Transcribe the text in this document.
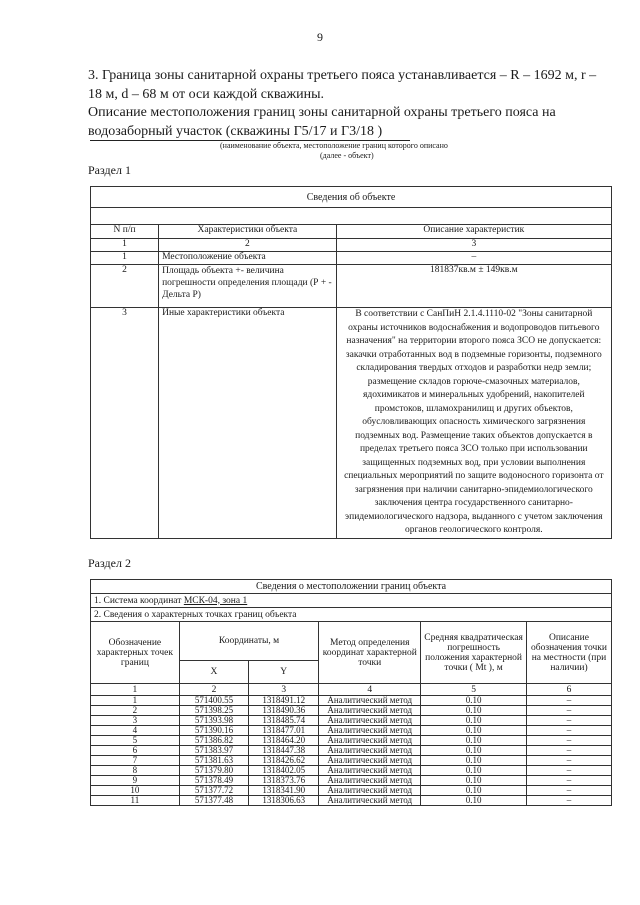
9
3. Граница зоны санитарной охраны третьего пояса устанавливается – R – 1692 м, r – 18 м, d – 68 м от оси каждой скважины.
Описание местоположения границ зоны санитарной охраны третьего пояса на водозаборный участок (скважины Г5/17 и Г3/18 )
(наименование объекта, местоположение границ которого описано
(далее - объект)
Раздел 1
Сведения об объекте		

N п/п	Характеристики объекта	Описание характеристик
1	2	3
1	Местоположение объекта	–
2	Площадь объекта +- величина погрешности определения площади (Р + - Дельта Р)	181837кв.м ± 149кв.м
3	Иные характеристики объекта	В соответствии с СанПиН 2.1.4.1110-02 "Зоны санитарной охраны источников водоснабжения и водопроводов питьевого назначения" на территории второго пояса ЗСО не допускается: закачки отработанных вод в подземные горизонты, подземного складирования твердых отходов и разработки недр земли; размещение складов горюче-смазочных материалов, ядохимикатов и минеральных удобрений, накопителей промстоков, шламохранилищ и других объектов, обусловливающих опасность химического загрязнения подземных вод. Размещение таких объектов допускается в пределах третьего пояса ЗСО только при использовании защищенных подземных вод, при условии выполнения специальных мероприятий по защите водоносного горизонта от загрязнения при наличии санитарно-эпидемиологического заключения центра государственного санитарно-эпидемиологического надзора, выданного с учетом заключения органов геологического контроля.
Раздел 2
Сведения о местоположении границ объекта					
1. Система координат МСК-04, зона 1					
2. Сведения о характерных точках границ объекта					
Обозначение характерных точек границ	Координаты, м		Метод определения координат характерной точки	Средняя квадратическая погрешность положения характерной точки ( Mt ), м	Описание обозначения точки на местности (при наличии)
	X	Y			
1	2	3	4	5	6
1	571400.55	1318491.12	Аналитический метод	0.10	–
2	571398.25	1318490.36	Аналитический метод	0.10	–
3	571393.98	1318485.74	Аналитический метод	0.10	–
4	571390.16	1318477.01	Аналитический метод	0.10	–
5	571386.82	1318464.20	Аналитический метод	0.10	–
6	571383.97	1318447.38	Аналитический метод	0.10	–
7	571381.63	1318426.62	Аналитический метод	0.10	–
8	571379.80	1318402.05	Аналитический метод	0.10	–
9	571378.49	1318373.76	Аналитический метод	0.10	–
10	571377.72	1318341.90	Аналитический метод	0.10	–
11	571377.48	1318306.63	Аналитический метод	0.10	–
